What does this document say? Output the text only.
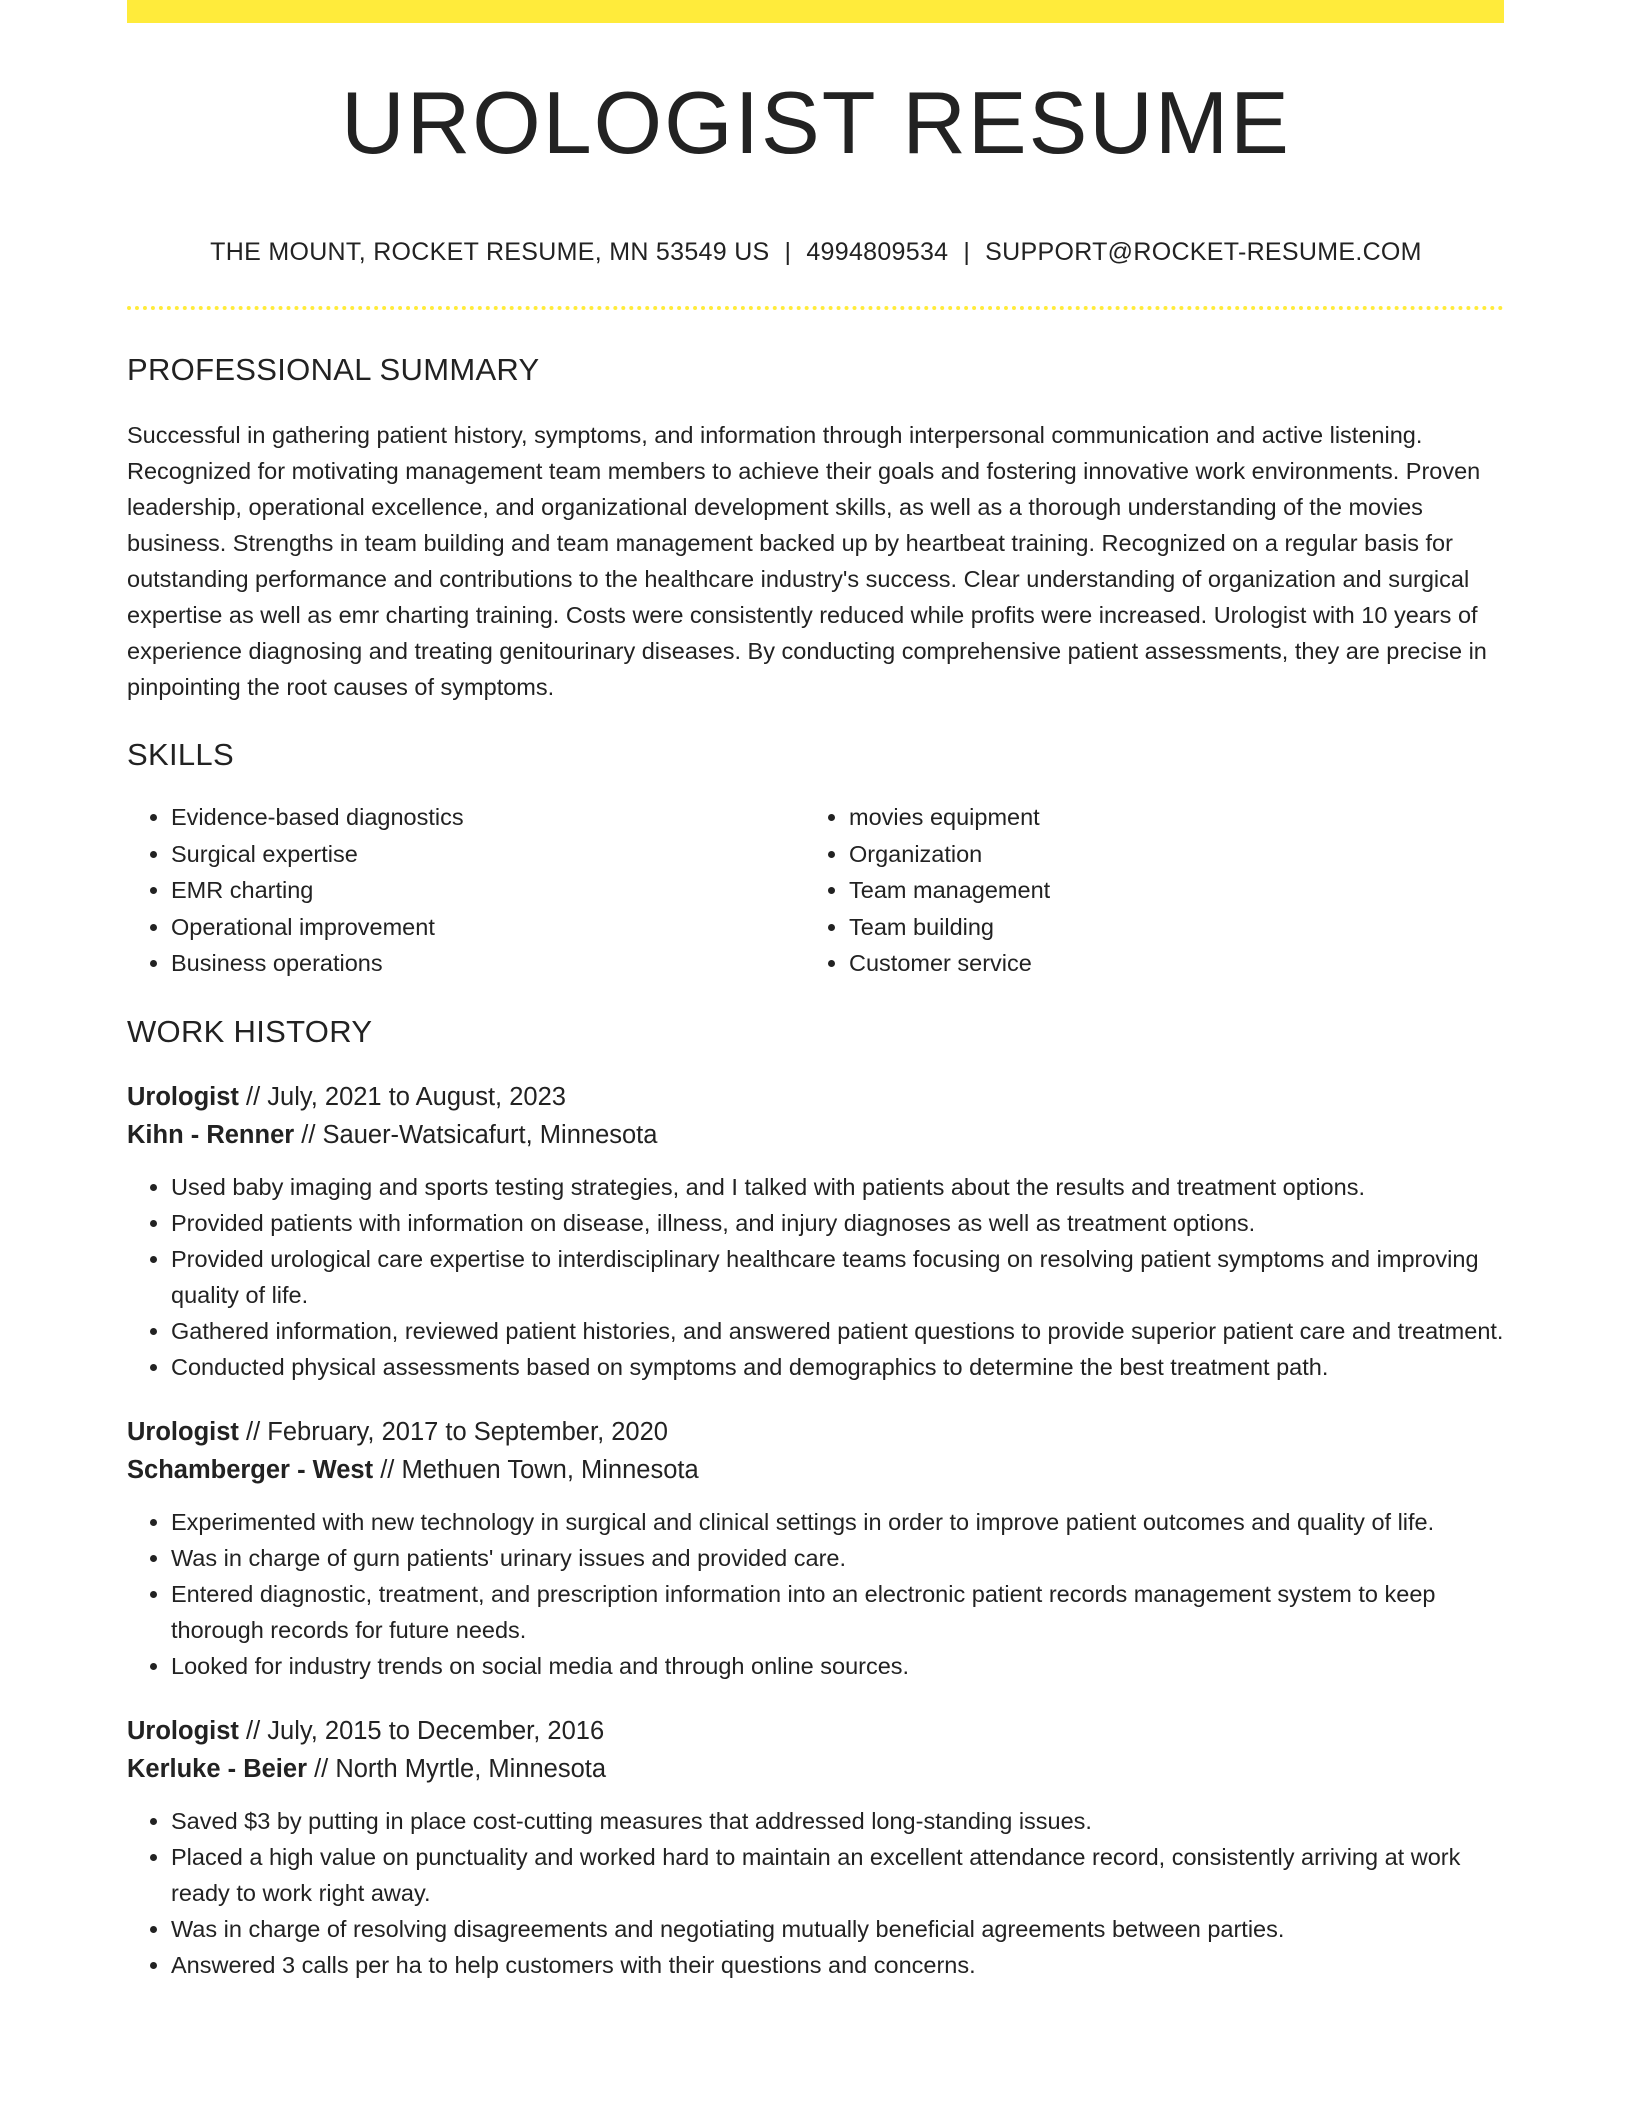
UROLOGIST RESUME
THE MOUNT, ROCKET RESUME, MN 53549 US | 4994809534 | SUPPORT@ROCKET-RESUME.COM
PROFESSIONAL SUMMARY

Successful in gathering patient history, symptoms, and information through interpersonal communication and active listening. Recognized for motivating management team members to achieve their goals and fostering innovative work environments. Proven leadership, operational excellence, and organizational development skills, as well as a thorough understanding of the movies business. Strengths in team building and team management backed up by heartbeat training. Recognized on a regular basis for outstanding performance and contributions to the healthcare industry's success. Clear understanding of organization and surgical expertise as well as emr charting training. Costs were consistently reduced while profits were increased. Urologist with 10 years of experience diagnosing and treating genitourinary diseases. By conducting comprehensive patient assessments, they are precise in pinpointing the root causes of symptoms.

SKILLS
• Evidence-based diagnostics
• Surgical expertise
• EMR charting
• Operational improvement
• Business operations
• movies equipment
• Organization
• Team management
• Team building
• Customer service
WORK HISTORY
Urologist // July, 2021 to August, 2023
Kihn - Renner // Sauer-Watsicafurt, Minnesota
• Used baby imaging and sports testing strategies, and I talked with patients about the results and treatment options.
• Provided patients with information on disease, illness, and injury diagnoses as well as treatment options.
• Provided urological care expertise to interdisciplinary healthcare teams focusing on resolving patient symptoms and improving quality of life.
• Gathered information, reviewed patient histories, and answered patient questions to provide superior patient care and treatment.
• Conducted physical assessments based on symptoms and demographics to determine the best treatment path.
Urologist // February, 2017 to September, 2020
Schamberger - West // Methuen Town, Minnesota
• Experimented with new technology in surgical and clinical settings in order to improve patient outcomes and quality of life.
• Was in charge of gurn patients' urinary issues and provided care.
• Entered diagnostic, treatment, and prescription information into an electronic patient records management system to keep thorough records for future needs.
• Looked for industry trends on social media and through online sources.
Urologist // July, 2015 to December, 2016
Kerluke - Beier // North Myrtle, Minnesota
• Saved $3 by putting in place cost-cutting measures that addressed long-standing issues.
• Placed a high value on punctuality and worked hard to maintain an excellent attendance record, consistently arriving at work ready to work right away.
• Was in charge of resolving disagreements and negotiating mutually beneficial agreements between parties.
• Answered 3 calls per ha to help customers with their questions and concerns.
